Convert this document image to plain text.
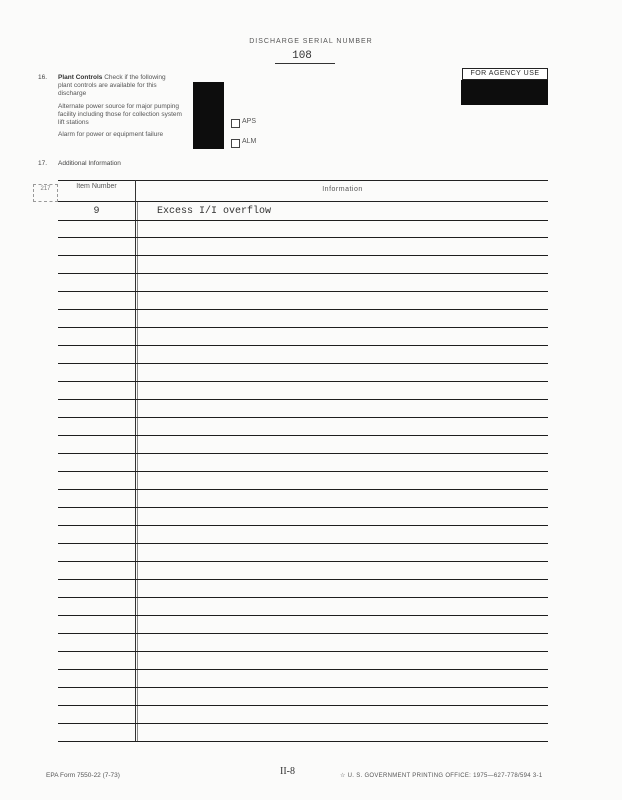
DISCHARGE SERIAL NUMBER
108
FOR AGENCY USE
16. Plant Controls Check if the following plant controls are available for this discharge
Alternate power source for major pumping facility including those for collection system lift stations
Alarm for power or equipment failure
APS
ALM
17. Additional Information
217	Item Number	Information
9	Excess I/I overflow
EPA Form 7550-22 (7-73)	II-8	☆ U. S. GOVERNMENT PRINTING OFFICE: 1975—627-778/594 3-1
